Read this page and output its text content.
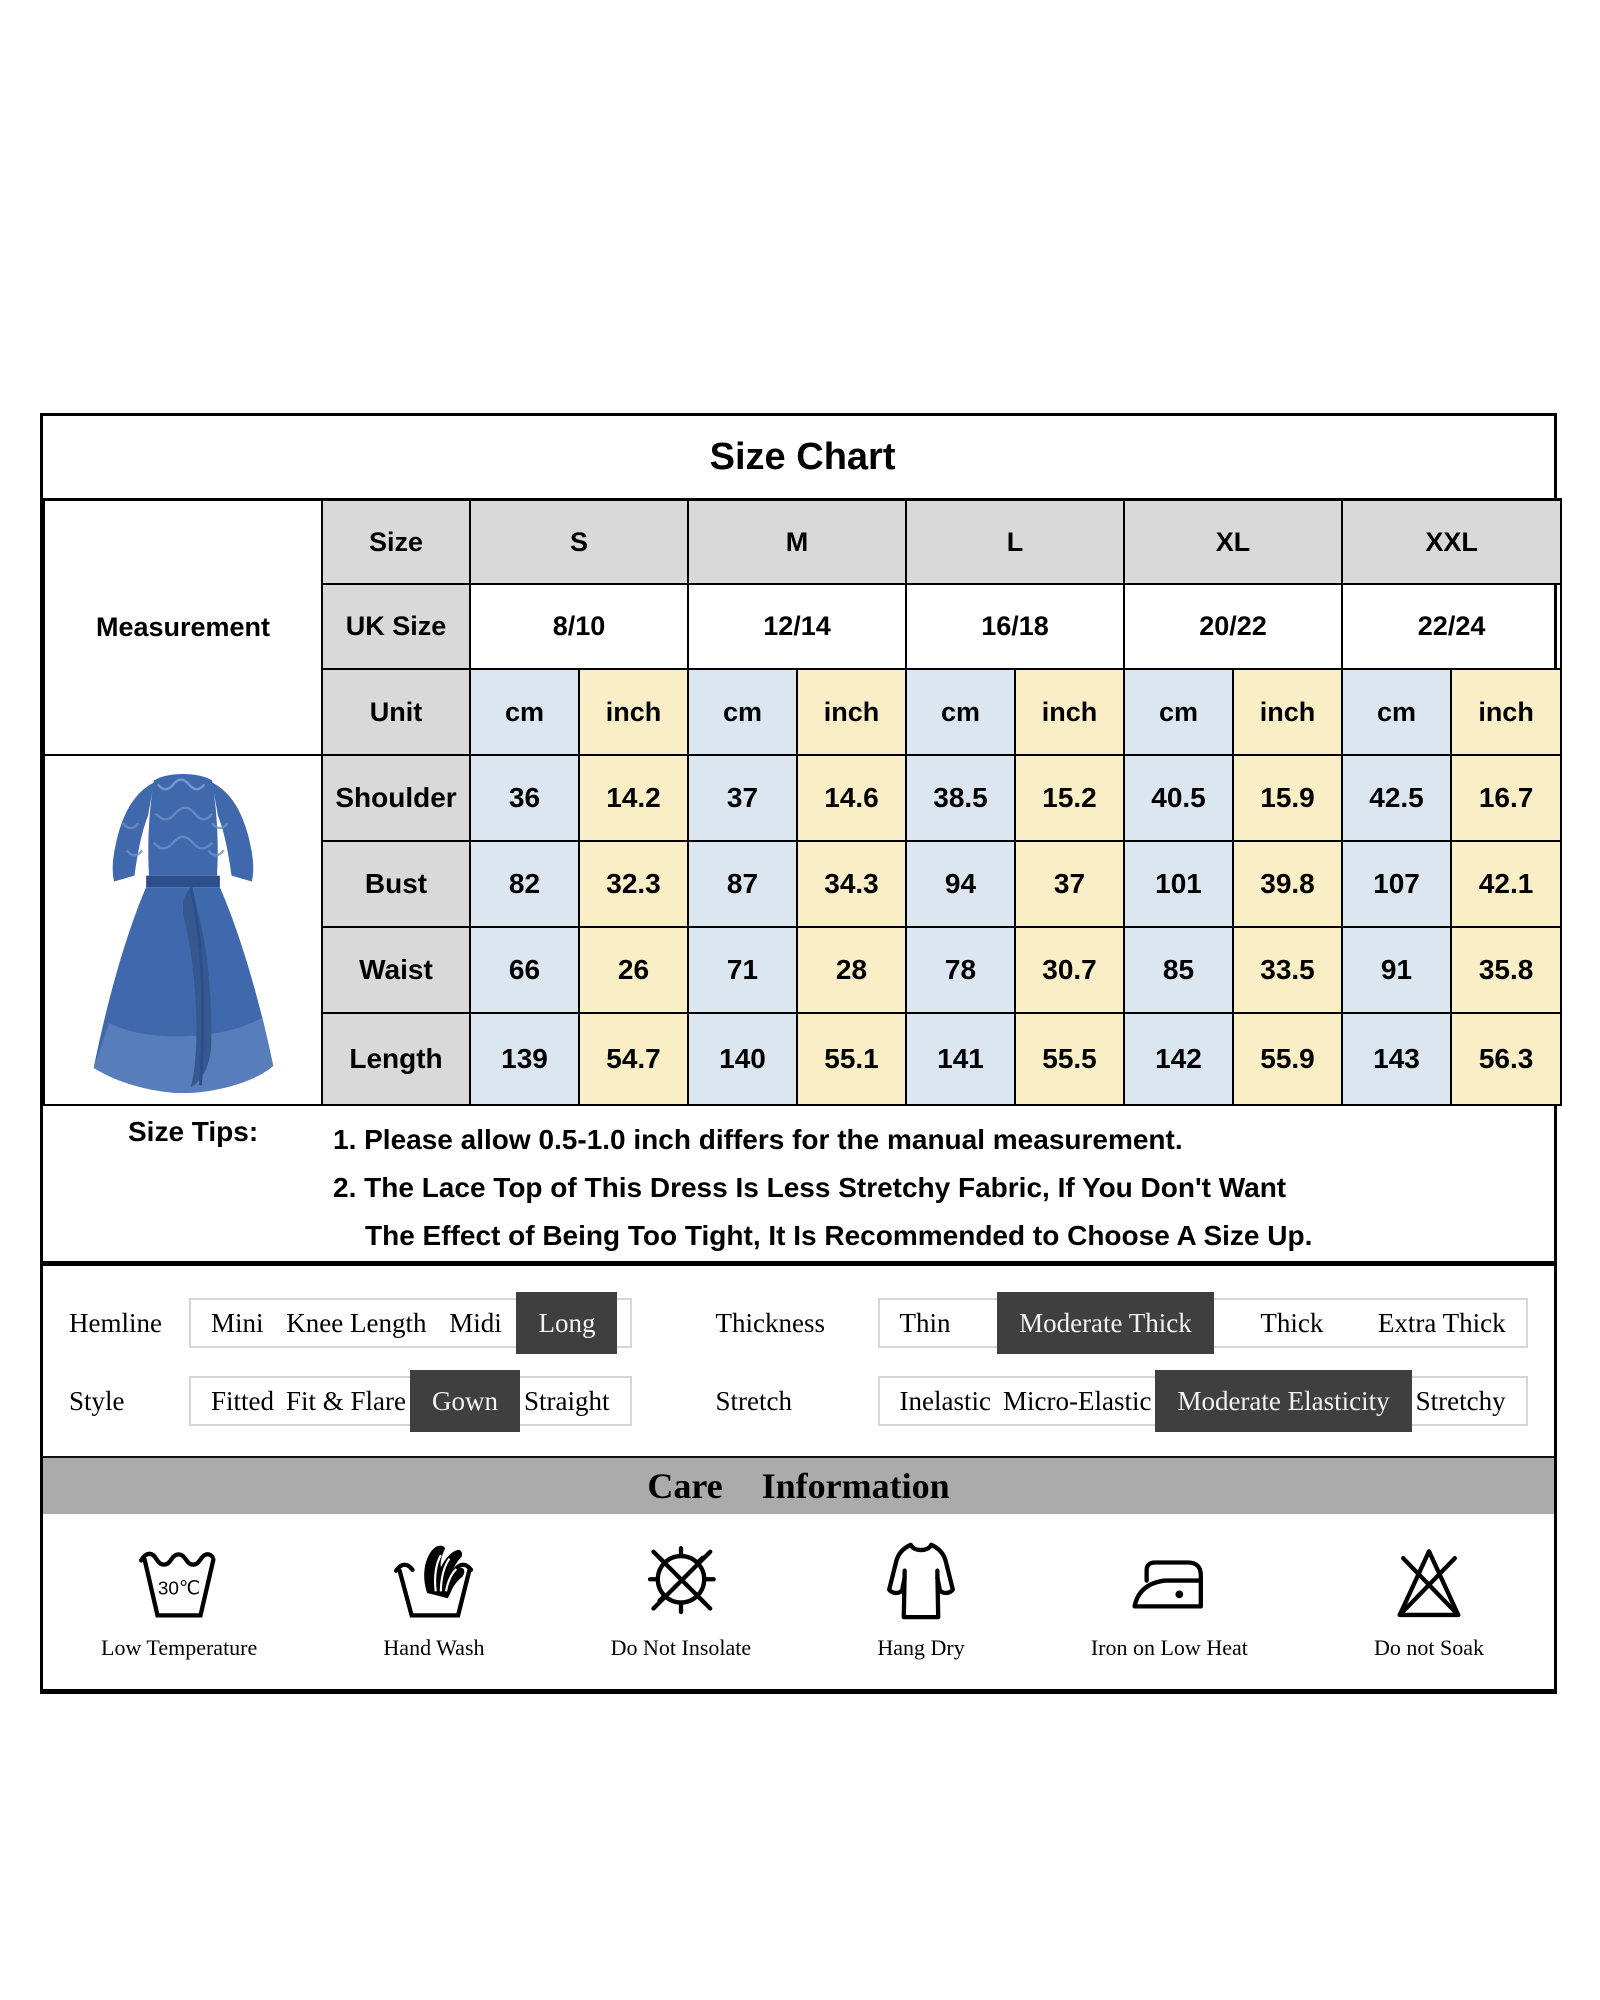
Size Chart											
Measurement	Size	S		M		L		XL		XXL	
	UK Size	8/10		12/14		16/18		20/22		22/24	
	Unit	cm	inch	cm	inch	cm	inch	cm	inch	cm	inch

	Shoulder	36	14.2	37	14.6	38.5	15.2	40.5	15.9	42.5	16.7
	Bust	82	32.3	87	34.3	94	37	101	39.8	107	42.1
	Waist	66	26	71	28	78	30.7	85	33.5	91	35.8
	Length	139	54.7	140	55.1	141	55.5	142	55.9	143	56.3
Size Tips:	1. Please allow 0.5-1.0 inch differs for the manual measurement.
2. The Lace Top of This Dress Is Less Stretchy Fabric, If You Don't Want
The Effect of Being Too Tight, It Is Recommended to Choose A Size Up.
Hemline	Mini Knee Length Midi	Long	Thickness	Thin	Moderate Thick	Thick Extra Thick
Style	Fitted Fit & Flare Gown Straight	Stretch	Inelastic Micro-Elastic Moderate Elasticity Stretchy
Care Information
30℃
Low Temperature	Hand Wash	Do Not Insolate	Hang Dry	Iron on Low Heat	Do not Soak
